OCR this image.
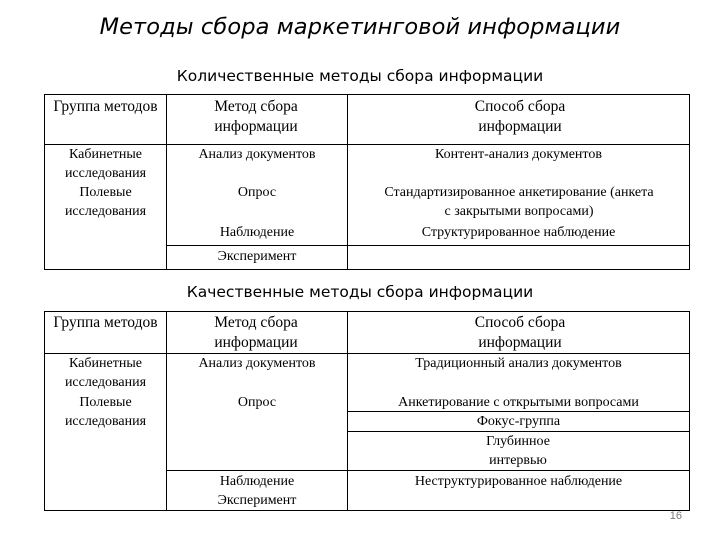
Методы сбора маркетинговой информации
Количественные методы сбора информации
Группа методов	Метод сбора информации
Способ сбора информации
Кабинетные исследования
Полевые исследования
Анализ документов
Опрос
Наблюдение
Эксперимент
Контент-анализ документов
Стандартизированное анкетирование (анкета с закрытыми вопросами)
Структурированное наблюдение
Качественные методы сбора информации
Группа методов	Метод сбора информации
Способ сбора информации
Кабинетные исследования
Полевые исследования
Анализ документов
Опрос
Наблюдение Эксперимент
Традиционный анализ документов
Анкетирование с открытыми вопросами
Фокус-группа
Глубинное интервью
Неструктурированное наблюдение
16
